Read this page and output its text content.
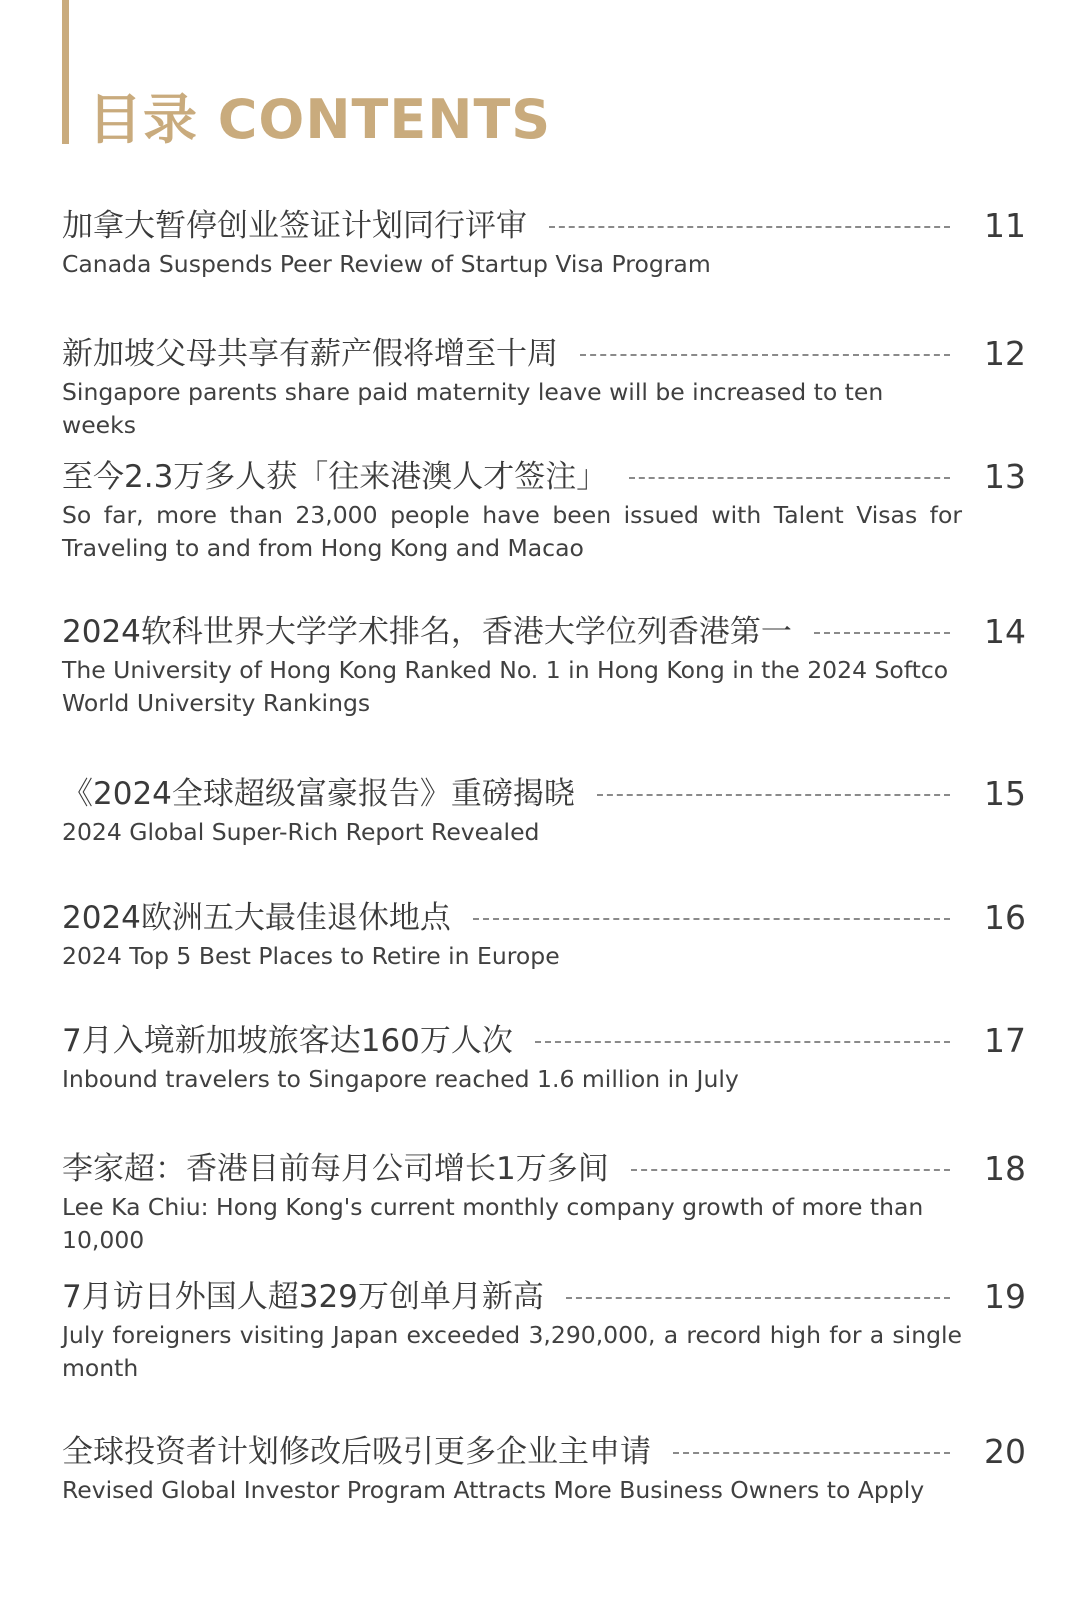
目录 CONTENTS
加拿大暂停创业签证计划同行评审	11
Canada Suspends Peer Review of Startup Visa Program
新加坡父母共享有薪产假将增至十周	12
Singapore parents share paid maternity leave will be increased to ten weeks
至今2.3万多人获「往来港澳人才签注」	13
So far, more than 23,000 people have been issued with Talent Visas for Traveling to and from Hong Kong and Macao
2024软科世界大学学术排名，香港大学位列香港第一	14
The University of Hong Kong Ranked No. 1 in Hong Kong in the 2024 Softco World University Rankings
《2024全球超级富豪报告》重磅揭晓	15
2024 Global Super-Rich Report Revealed
2024欧洲五大最佳退休地点	16
2024 Top 5 Best Places to Retire in Europe
7月入境新加坡旅客达160万人次	17
Inbound travelers to Singapore reached 1.6 million in July
李家超：香港目前每月公司增长1万多间	18
Lee Ka Chiu: Hong Kong's current monthly company growth of more than 10,000
7月访日外国人超329万创单月新高	19
July foreigners visiting Japan exceeded 3,290,000, a record high for a single month
全球投资者计划修改后吸引更多企业主申请	20
Revised Global Investor Program Attracts More Business Owners to Apply
